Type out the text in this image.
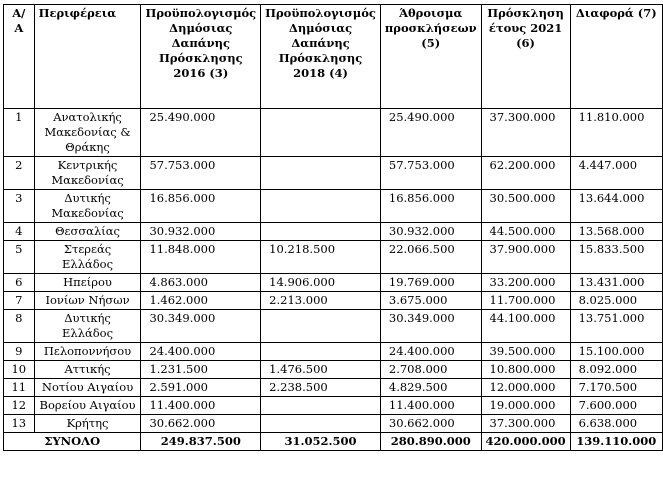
Α/Α	Περιφέρεια	Προϋπολογισμός Δημόσιας Δαπάνης Πρόσκλησης 2016 (3)	Προϋπολογισμός Δημόσιας Δαπάνης Πρόσκλησης 2018 (4)	Άθροισμα προσκλήσεων (5)	Πρόσκληση έτους 2021 (6)	Διαφορά (7)
1	Ανατολικής Μακεδονίας & Θράκης	25.490.000		25.490.000	37.300.000	11.810.000
2	Κεντρικής Μακεδονίας	57.753.000		57.753.000	62.200.000	4.447.000
3	Δυτικής Μακεδονίας	16.856.000		16.856.000	30.500.000	13.644.000
4	Θεσσαλίας	30.932.000		30.932.000	44.500.000	13.568.000
5	Στερεάς Ελλάδος	11.848.000	10.218.500	22.066.500	37.900.000	15.833.500
6	Ηπείρου	4.863.000	14.906.000	19.769.000	33.200.000	13.431.000
7	Ιονίων Νήσων	1.462.000	2.213.000	3.675.000	11.700.000	8.025.000
8	Δυτικής Ελλάδος	30.349.000		30.349.000	44.100.000	13.751.000
9	Πελοποννήσου	24.400.000		24.400.000	39.500.000	15.100.000
10	Αττικής	1.231.500	1.476.500	2.708.000	10.800.000	8.092.000
11	Νοτίου Αιγαίου	2.591.000	2.238.500	4.829.500	12.000.000	7.170.500
12	Βορείου Αιγαίου	11.400.000		11.400.000	19.000.000	7.600.000
13	Κρήτης	30.662.000		30.662.000	37.300.000	6.638.000
ΣΥΝΟΛΟ		249.837.500	31.052.500	280.890.000	420.000.000	139.110.000
